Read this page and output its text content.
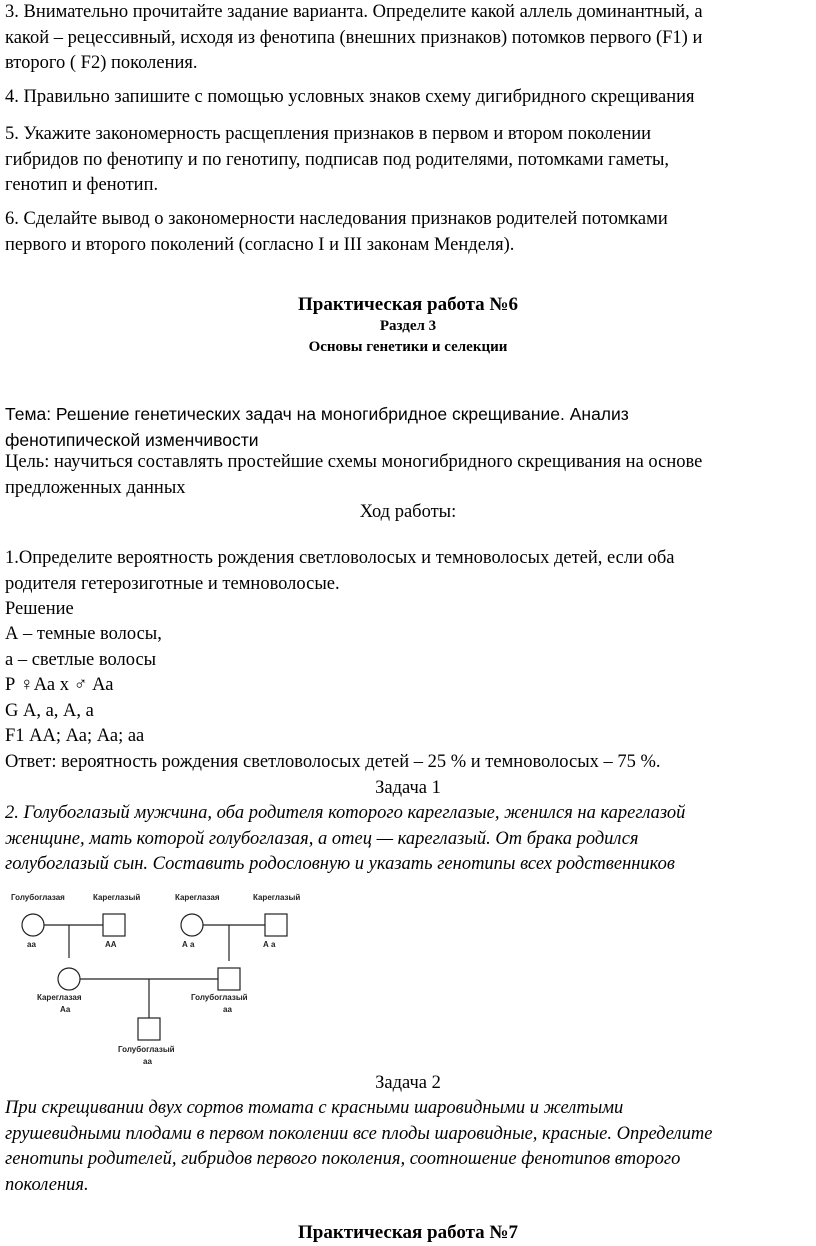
3. Внимательно прочитайте задание варианта. Определите какой аллель доминантный, а
какой – рецессивный, исходя из фенотипа (внешних признаков) потомков первого (F1) и
второго ( F2) поколения.

4. Правильно запишите с помощью условных знаков схему дигибридного скрещивания

5. Укажите закономерность расщепления признаков в первом и втором поколении
гибридов по фенотипу и по генотипу, подписав под родителями, потомками гаметы,
генотип и фенотип.

6. Сделайте вывод о закономерности наследования признаков родителей потомками
первого и второго поколений (согласно I и III законам Менделя).

Практическая работа №6
Раздел 3
Основы генетики и селекции

Тема: Решение генетических задач на моногибридное скрещивание. Анализ
фенотипической изменчивости

Цель: научиться составлять простейшие схемы моногибридного скрещивания на основе
предложенных данных

Ход работы:

1.Определите вероятность рождения светловолосых и темноволосых детей, если оба
родителя гетерозиготные и темноволосые.

Решение

А – темные волосы,
а – светлые волосы
Р ♀Аа х ♂ Аа
G А, а, А, а
F1 АА; Аа; Аа; аа

Ответ: вероятность рождения светловолосых детей – 25 % и темноволосых – 75 %.
Задача 1

2. Голубоглазый мужчина, оба родителя которого кареглазые, женился на кареглазой
женщине, мать которой голубоглазая, а отец — кареглазый. От брака родился
голубоглазый сын. Составить родословную и указать генотипы всех родственников

Задача 2

При скрещивании двух сортов томата с красными шаровидными и желтыми
грушевидными плодами в первом поколении все плоды шаровидные, красные. Определите
генотипы родителей, гибридов первого поколения, соотношение фенотипов второго
поколения.

Практическая работа №7
Голубоглазая
аа
Кареглазый
АА
Кареглазая
А а
Кареглазый
А а
Кареглазая
Аа
Голубоглазый
аа
Голубоглазый
аа
